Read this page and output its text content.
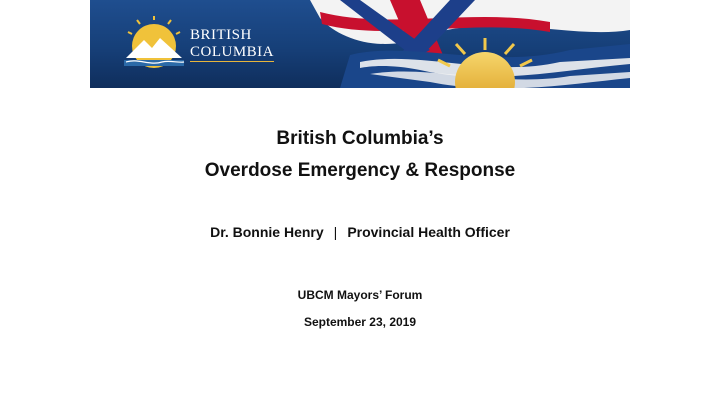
BRITISH
COLUMBIA
British Columbia’s
Overdose Emergency & Response
Dr. Bonnie Henry | Provincial Health Officer
UBCM Mayors’ Forum
September 23, 2019
